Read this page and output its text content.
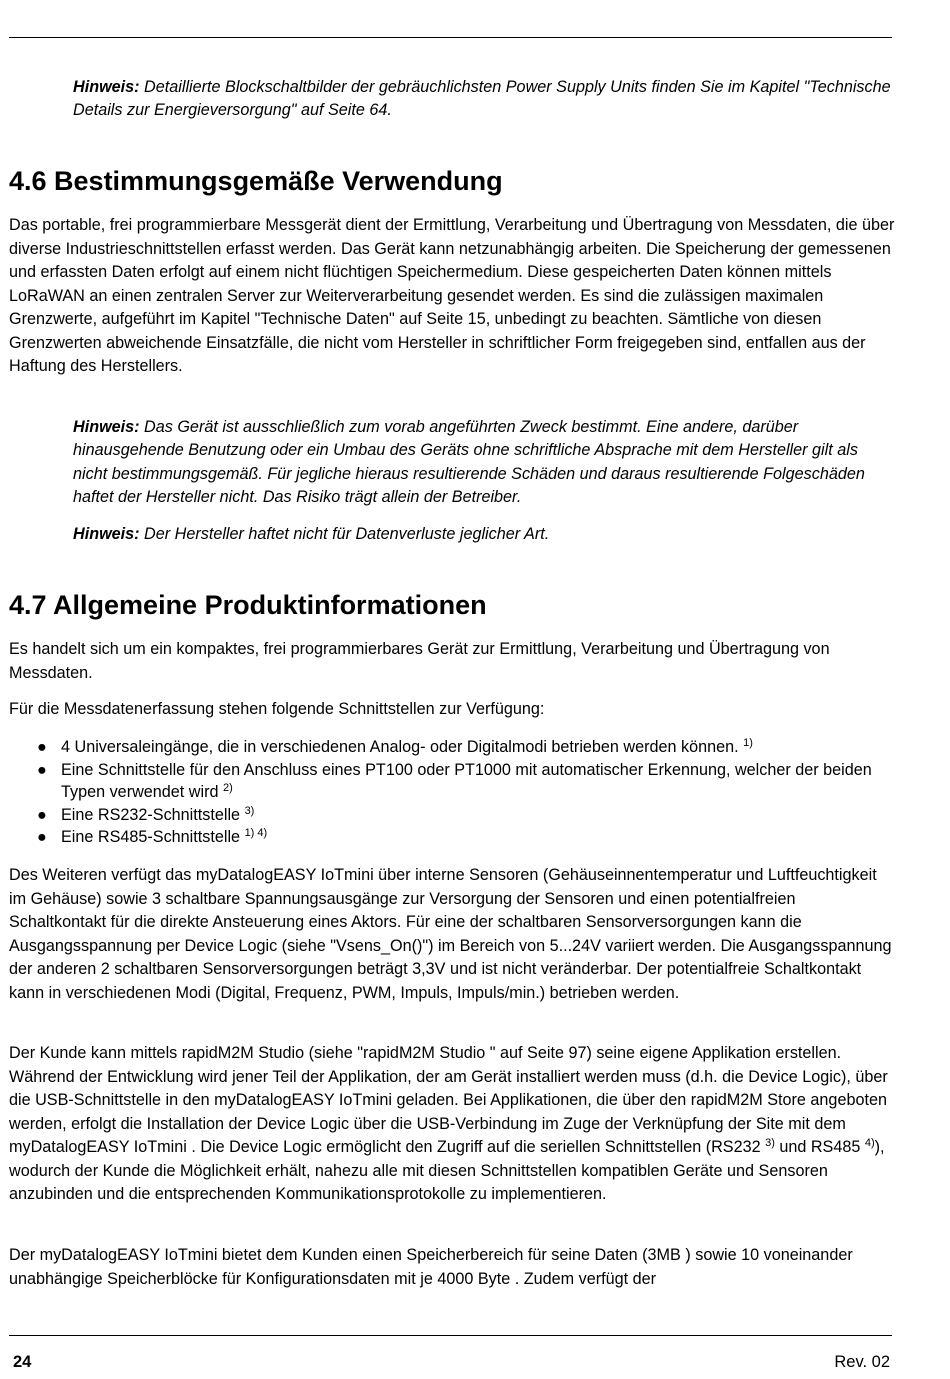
Hinweis: Detaillierte Blockschaltbilder der gebräuchlichsten Power Supply Units finden Sie im Kapitel "Technische Details zur Energieversorgung" auf Seite 64.

4.6 Bestimmungsgemäße Verwendung

Das portable, frei programmierbare Messgerät dient der Ermittlung, Verarbeitung und Übertragung von Messdaten, die über diverse Industrieschnittstellen erfasst werden. Das Gerät kann netzunabhängig arbeiten. Die Speicherung der gemessenen und erfassten Daten erfolgt auf einem nicht flüchtigen Speichermedium. Diese gespeicherten Daten können mittels LoRaWAN an einen zentralen Server zur Weiterverarbeitung gesendet werden. Es sind die zulässigen maximalen Grenzwerte, aufgeführt im Kapitel "Technische Daten" auf Seite 15, unbedingt zu beachten. Sämtliche von diesen Grenzwerten abweichende Einsatzfälle, die nicht vom Hersteller in schriftlicher Form freigegeben sind, entfallen aus der Haftung des Herstellers.

Hinweis: Das Gerät ist ausschließlich zum vorab angeführten Zweck bestimmt. Eine andere, darüber hinausgehende Benutzung oder ein Umbau des Geräts ohne schriftliche Absprache mit dem Hersteller gilt als nicht bestimmungsgemäß. Für jegliche hieraus resultierende Schäden und daraus resultierende Folgeschäden haftet der Hersteller nicht. Das Risiko trägt allein der Betreiber.

Hinweis: Der Hersteller haftet nicht für Datenverluste jeglicher Art.

4.7 Allgemeine Produktinformationen

Es handelt sich um ein kompaktes, frei programmierbares Gerät zur Ermittlung, Verarbeitung und Übertragung von Messdaten.

Für die Messdatenerfassung stehen folgende Schnittstellen zur Verfügung:

● 4 Universaleingänge, die in verschiedenen Analog- oder Digitalmodi betrieben werden können. $^{1)}$
● Eine Schnittstelle für den Anschluss eines PT100 oder PT1000 mit automatischer Erkennung, welcher der beiden Typen verwendet wird $^{2)}$
● Eine RS232-Schnittstelle $^{3)}$
● Eine RS485-Schnittstelle $^{1) 4)}$

Des Weiteren verfügt das myDatalogEASY IoTmini über interne Sensoren (Gehäuseinnentemperatur und Luftfeuchtigkeit im Gehäuse) sowie 3 schaltbare Spannungsausgänge zur Versorgung der Sensoren und einen potentialfreien Schaltkontakt für die direkte Ansteuerung eines Aktors. Für eine der schaltbaren Sensorversorgungen kann die Ausgangsspannung per Device Logic (siehe "Vsens_On()") im Bereich von 5...24V variiert werden. Die Ausgangsspannung der anderen 2 schaltbaren Sensorversorgungen beträgt 3,3V und ist nicht veränderbar. Der potentialfreie Schaltkontakt kann in verschiedenen Modi (Digital, Frequenz, PWM, Impuls, Impuls/min.) betrieben werden.

Der Kunde kann mittels rapidM2M Studio (siehe "rapidM2M Studio " auf Seite 97) seine eigene Applikation erstellen. Während der Entwicklung wird jener Teil der Applikation, der am Gerät installiert werden muss (d.h. die Device Logic), über die USB-Schnittstelle in den myDatalogEASY IoTmini geladen. Bei Applikationen, die über den rapidM2M Store angeboten werden, erfolgt die Installation der Device Logic über die USB-Verbindung im Zuge der Verknüpfung der Site mit dem myDatalogEASY IoTmini . Die Device Logic ermöglicht den Zugriff auf die seriellen Schnittstellen (RS232 $^{3)}$ und RS485 $^{4)}$), wodurch der Kunde die Möglichkeit erhält, nahezu alle mit diesen Schnittstellen kompatiblen Geräte und Sensoren anzubinden und die entsprechenden Kommunikationsprotokolle zu implementieren.

Der myDatalogEASY IoTmini bietet dem Kunden einen Speicherbereich für seine Daten (3MB ) sowie 10 voneinander unabhängige Speicherblöcke für Konfigurationsdaten mit je 4000 Byte . Zudem verfügt der

24	Rev. 02
